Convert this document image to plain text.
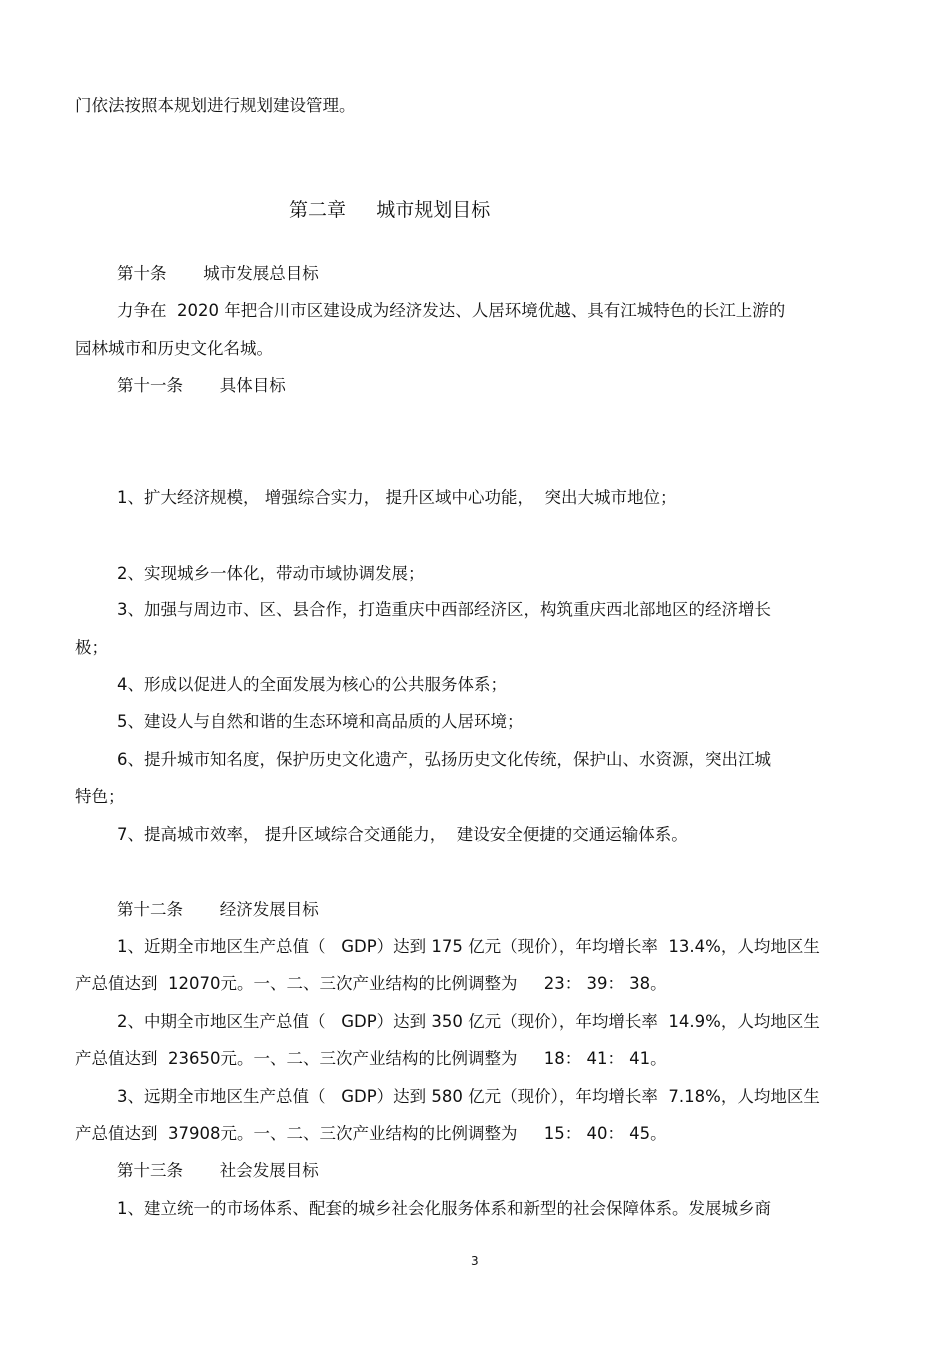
门依法按照本规划进行规划建设管理。

第二章     城市规划目标

第十条       城市发展总目标

力争在  2020 年把合川市区建设成为经济发达、人居环境优越、具有江城特色的长江上游的

园林城市和历史文化名城。

第十一条       具体目标

1、扩大经济规模， 增强综合实力， 提升区域中心功能，  突出大城市地位；

2、实现城乡一体化，带动市域协调发展；

3、加强与周边市、区、县合作，打造重庆中西部经济区，构筑重庆西北部地区的经济增长

极；

4、形成以促进人的全面发展为核心的公共服务体系；

5、建设人与自然和谐的生态环境和高品质的人居环境；

6、提升城市知名度，保护历史文化遗产，弘扬历史文化传统，保护山、水资源，突出江城

特色；

7、提高城市效率， 提升区域综合交通能力，  建设安全便捷的交通运输体系。

第十二条       经济发展目标

1、近期全市地区生产总值（   GDP）达到 175 亿元（现价），年均增长率  13.4%，人均地区生

产总值达到  12070元。一、二、三次产业结构的比例调整为     23： 39： 38。

2、中期全市地区生产总值（   GDP）达到 350 亿元（现价），年均增长率  14.9%，人均地区生

产总值达到  23650元。一、二、三次产业结构的比例调整为     18： 41： 41。

3、远期全市地区生产总值（   GDP）达到 580 亿元（现价），年均增长率  7.18%，人均地区生

产总值达到  37908元。一、二、三次产业结构的比例调整为     15： 40： 45。

第十三条       社会发展目标

1、建立统一的市场体系、配套的城乡社会化服务体系和新型的社会保障体系。发展城乡商

3
